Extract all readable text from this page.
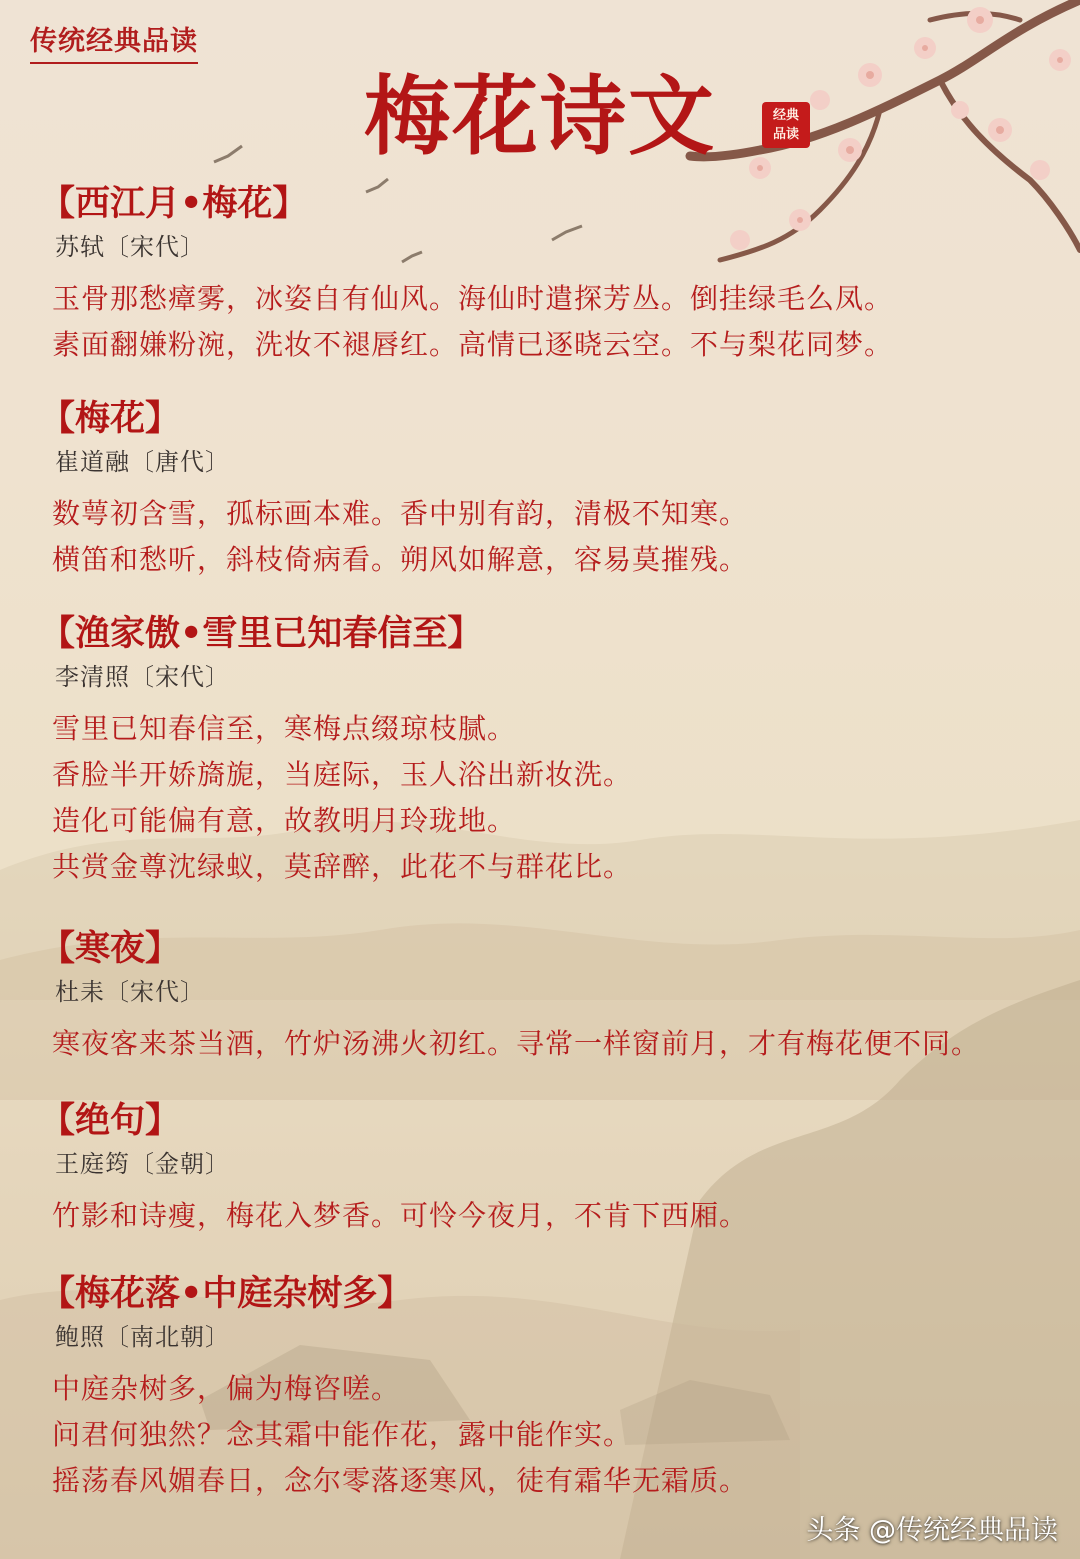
传统经典品读
梅花诗文	经典
品读
【西江月•梅花】
苏轼〔宋代〕
玉骨那愁瘴雾，冰姿自有仙风。海仙时遣探芳丛。倒挂绿毛么凤。
素面翻嫌粉涴，洗妆不褪唇红。高情已逐晓云空。不与梨花同梦。
【梅花】
崔道融〔唐代〕
数萼初含雪，孤标画本难。香中别有韵，清极不知寒。
横笛和愁听，斜枝倚病看。朔风如解意，容易莫摧残。
【渔家傲•雪里已知春信至】
李清照〔宋代〕
雪里已知春信至，寒梅点缀琼枝腻。
香脸半开娇旖旎，当庭际，玉人浴出新妆洗。
造化可能偏有意，故教明月玲珑地。
共赏金尊沈绿蚁，莫辞醉，此花不与群花比。
【寒夜】
杜耒〔宋代〕
寒夜客来茶当酒，竹炉汤沸火初红。寻常一样窗前月，才有梅花便不同。
【绝句】
王庭筠〔金朝〕
竹影和诗瘦，梅花入梦香。可怜今夜月，不肯下西厢。
【梅花落•中庭杂树多】
鲍照〔南北朝〕
中庭杂树多，偏为梅咨嗟。
问君何独然？念其霜中能作花，露中能作实。
摇荡春风媚春日，念尔零落逐寒风，徒有霜华无霜质。
头条 @传统经典品读
